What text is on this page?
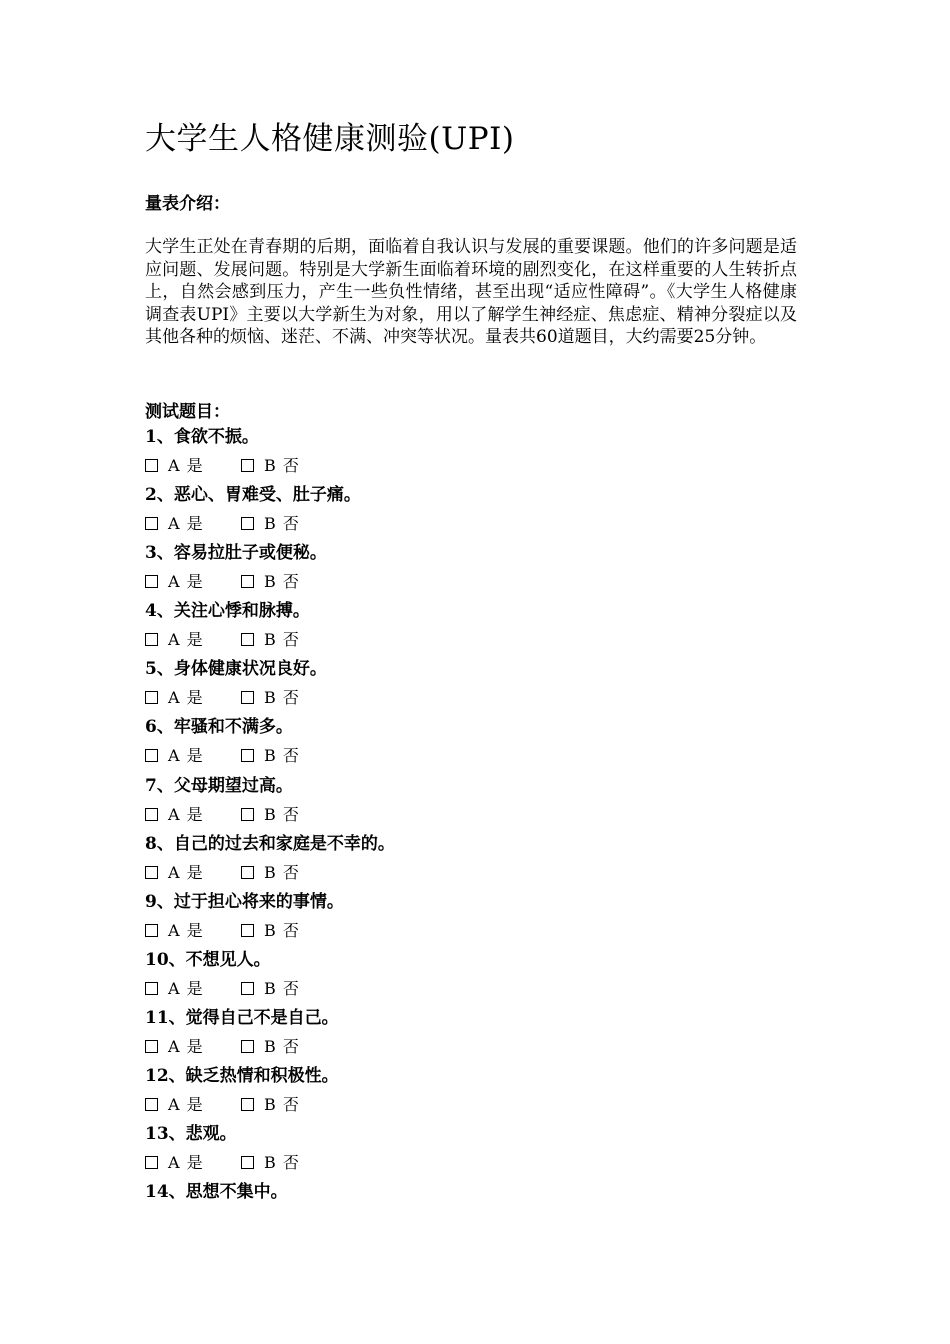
大学生人格健康测验(UPI)
量表介绍：

大学生正处在青春期的后期，面临着自我认识与发展的重要课题。他们的许多问题是适应问题、发展问题。特别是大学新生面临着环境的剧烈变化，在这样重要的人生转折点上，自然会感到压力，产生一些负性情绪，甚至出现“适应性障碍”。《大学生人格健康调查表UPI》主要以大学新生为对象，用以了解学生神经症、焦虑症、精神分裂症以及其他各种的烦恼、迷茫、不满、冲突等状况。量表共60道题目，大约需要25分钟。

测试题目：
1、食欲不振。
A 是	B 否
2、恶心、胃难受、肚子痛。
A 是	B 否
3、容易拉肚子或便秘。
A 是	B 否
4、关注心悸和脉搏。
A 是	B 否
5、身体健康状况良好。
A 是	B 否
6、牢骚和不满多。
A 是	B 否
7、父母期望过高。
A 是	B 否
8、自己的过去和家庭是不幸的。
A 是	B 否
9、过于担心将来的事情。
A 是	B 否
10、不想见人。
A 是	B 否
11、觉得自己不是自己。
A 是	B 否
12、缺乏热情和积极性。
A 是	B 否
13、悲观。
A 是	B 否
14、思想不集中。
